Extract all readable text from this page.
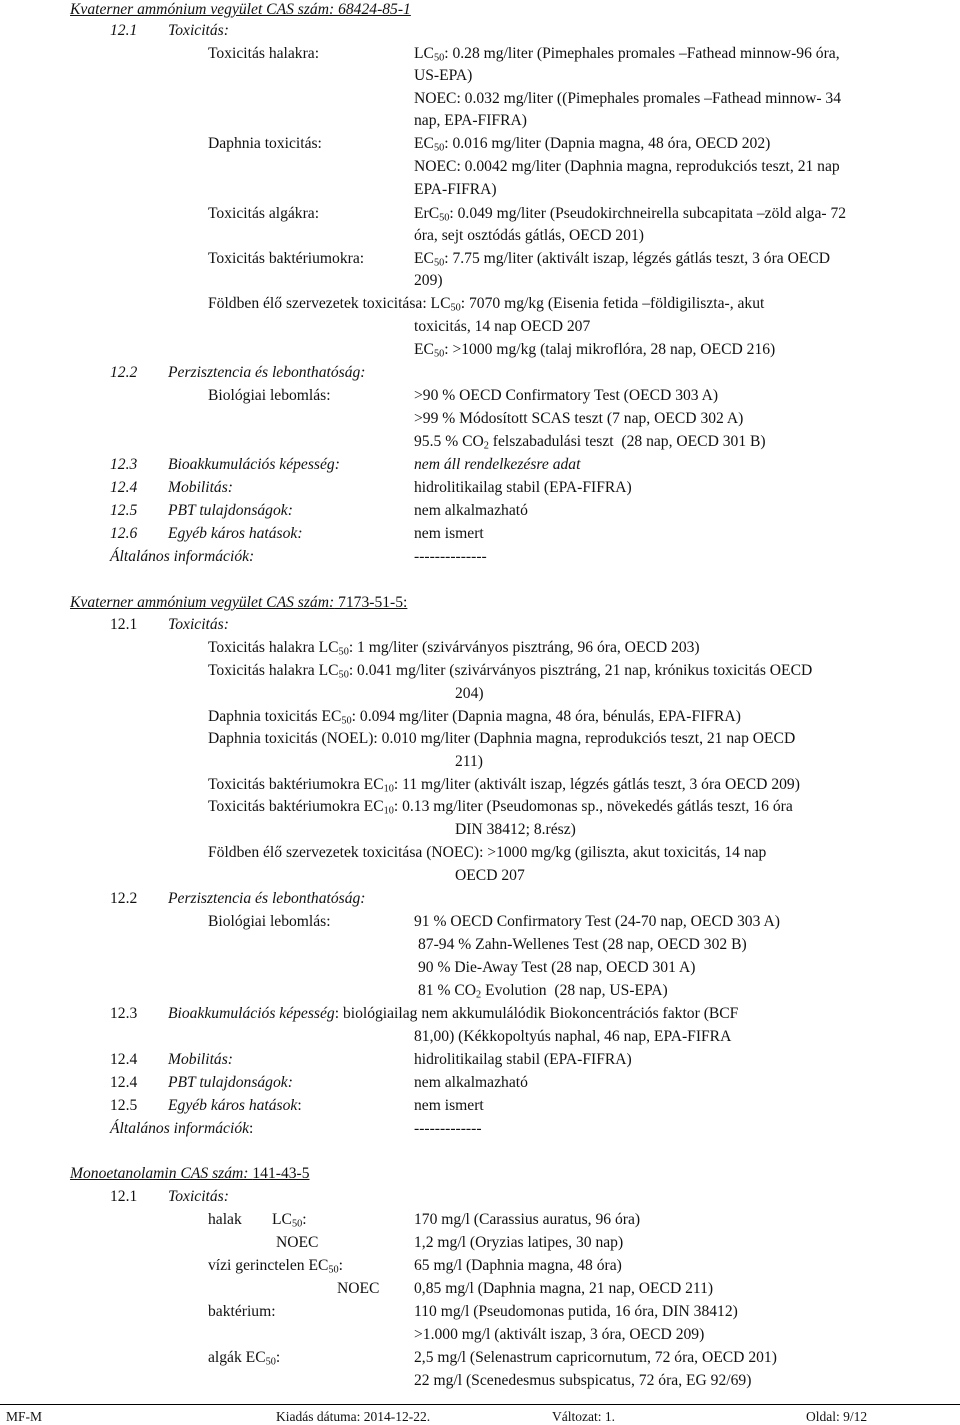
Kvaterner ammónium vegyület CAS szám: 68424-85-1
12.1 Toxicitás:
Toxicitás halakra:	$LC_{50}$: 0.28 mg/liter (Pimephales promales –Fathead minnow-96 óra,
US-EPA)
NOEC: 0.032 mg/liter ((Pimephales promales –Fathead minnow- 34
nap, EPA-FIFRA)
Daphnia toxicitás:	$EC_{50}$: 0.016 mg/liter (Dapnia magna, 48 óra, OECD 202)
NOEC: 0.0042 mg/liter (Daphnia magna, reprodukciós teszt, 21 nap
EPA-FIFRA)
Toxicitás algákra:	ErC$_{50}$: 0.049 mg/liter (Pseudokirchneirella subcapitata –zöld alga- 72
óra, sejt osztódás gátlás, OECD 201)
Toxicitás baktériumokra:	$EC_{50}$: 7.75 mg/liter (aktivált iszap, légzés gátlás teszt, 3 óra OECD
209)
Földben élő szervezetek toxicitása: $LC_{50}$: 7070 mg/kg (Eisenia fetida –földigiliszta-, akut
toxicitás, 14 nap OECD 207
$EC_{50}$: >1000 mg/kg (talaj mikroflóra, 28 nap, OECD 216)
12.2 Perzisztencia és lebonthatóság:
Biológiai lebomlás:	>90 % OECD Confirmatory Test (OECD 303 A)
>99 % Módosított SCAS teszt (7 nap, OECD 302 A)
95.5 % $CO_2$ felszabadulási teszt  (28 nap, OECD 301 B)
12.3 Bioakkumulációs képesség:	nem áll rendelkezésre adat
12.4 Mobilitás:	hidrolitikailag stabil (EPA-FIFRA)
12.5 PBT tulajdonságok:	nem alkalmazható
12.6 Egyéb káros hatások:	nem ismert
Általános információk:	--------------
Kvaterner ammónium vegyület CAS szám: 7173-51-5:
12.1 Toxicitás:
Toxicitás halakra $LC_{50}$: 1 mg/liter (szivárványos pisztráng, 96 óra, OECD 203)
Toxicitás halakra $LC_{50}$: 0.041 mg/liter (szivárványos pisztráng, 21 nap, krónikus toxicitás OECD
204)
Daphnia toxicitás $EC_{50}$: 0.094 mg/liter (Dapnia magna, 48 óra, bénulás, EPA-FIFRA)
Daphnia toxicitás (NOEL): 0.010 mg/liter (Daphnia magna, reprodukciós teszt, 21 nap OECD
211)
Toxicitás baktériumokra $EC_{10}$: 11 mg/liter (aktivált iszap, légzés gátlás teszt, 3 óra OECD 209)
Toxicitás baktériumokra $EC_{10}$: 0.13 mg/liter (Pseudomonas sp., növekedés gátlás teszt, 16 óra
DIN 38412; 8.rész)
Földben élő szervezetek toxicitása (NOEC): >1000 mg/kg (giliszta, akut toxicitás, 14 nap
OECD 207
12.2 Perzisztencia és lebonthatóság:
Biológiai lebomlás:	91 % OECD Confirmatory Test (24-70 nap, OECD 303 A)
87-94 % Zahn-Wellenes Test (28 nap, OECD 302 B)
90 % Die-Away Test (28 nap, OECD 301 A)
81 % $CO_2$ Evolution  (28 nap, US-EPA)
12.3 Bioakkumulációs képesség: biológiailag nem akkumulálódik Biokoncentrációs faktor (BCF
81,00) (Kékkopoltyús naphal, 46 nap, EPA-FIFRA
12.4 Mobilitás:	hidrolitikailag stabil (EPA-FIFRA)
12.4 PBT tulajdonságok:	nem alkalmazható
12.5 Egyéb káros hatások:	nem ismert
Általános információk:	-------------
Monoetanolamin CAS szám: 141-43-5
12.1 Toxicitás:
halak $LC_{50}$:	170 mg/l (Carassius auratus, 96 óra)
NOEC	1,2 mg/l (Oryzias latipes, 30 nap)
vízi gerinctelen $EC_{50}$:	65 mg/l (Daphnia magna, 48 óra)
NOEC 0,85 mg/l (Daphnia magna, 21 nap, OECD 211)
baktérium:	110 mg/l (Pseudomonas putida, 16 óra, DIN 38412)
>1.000 mg/l (aktivált iszap, 3 óra, OECD 209)
algák $EC_{50}$:	2,5 mg/l (Selenastrum capricornutum, 72 óra, OECD 201)
22 mg/l (Scenedesmus subspicatus, 72 óra, EG 92/69)
MF-M	Kiadás dátuma: 2014-12-22.	Változat: 1.	Oldal: 9/12
